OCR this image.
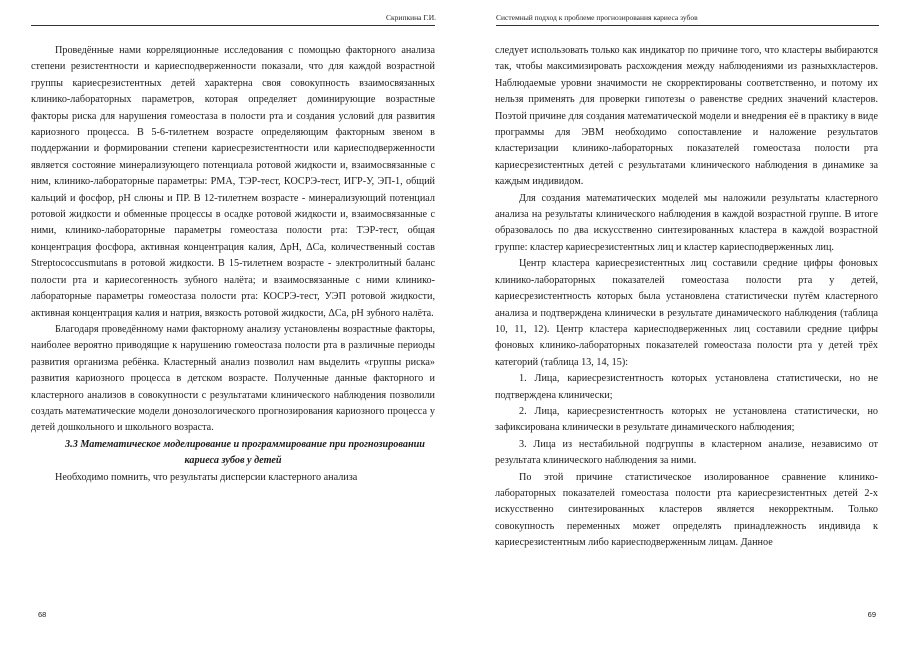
Скрипкина Г.И.

Проведённые нами корреляционные исследования с помощью факторного анализа степени резистентности и кариесподверженности показали, что для каждой возрастной группы кариесрезистентных детей характерна своя совокупность взаимосвязанных клинико-лабораторных параметров, которая определяет доминирующие возрастные факторы риска для нарушения гомеостаза в полости рта и создания условий для развития кариозного процесса. В 5-6-тилетнем возрасте определяющим факторным звеном в поддержании и формировании степени кариесрезистентности или кариесподверженности является состояние минерализующего потенциала ротовой жидкости и, взаимосвязанные с ним, клинико-лабораторные параметры: РМА, ТЭР-тест, КОСРЭ-тест, ИГР-У, ЭП-1, общий кальций и фосфор, рН слюны и ПР. В 12-тилетнем возрасте - минерализующий потенциал ротовой жидкости и обменные процессы в осадке ротовой жидкости и, взаимосвязанные с ними, клинико-лабораторные параметры гомеостаза полости рта: ТЭР-тест, общая концентрация фосфора, активная концентрация калия, ΔpH, ΔCa, количественный состав Streptococcusmutans в ротовой жидкости. В 15-тилетнем возрасте - электролитный баланс полости рта и кариесогенность зубного налёта; и взаимосвязанные с ними клинико-лабораторные параметры гомеостаза полости рта: КОСРЭ-тест, УЭП ротовой жидкости, активная концентрация калия и натрия, вязкость ротовой жидкости, ΔCa, pH зубного налёта.

Благодаря проведённому нами факторному анализу установлены возрастные факторы, наиболее вероятно приводящие к нарушению гомеостаза полости рта в различные периоды развития организма ребёнка. Кластерный анализ позволил нам выделить «группы риска» развития кариозного процесса в детском возрасте. Полученные данные факторного и кластерного анализов в совокупности с результатами клинического наблюдения позволили создать математические модели донозологического прогнозирования кариозного процесса у детей дошкольного и школьного возраста.

3.3 Математическое моделирование и программирование при прогнозировании кариеса зубов у детей

Необходимо помнить, что результаты дисперсии кластерного анализа

68
Системный подход к проблеме прогнозирования кариеса зубов

следует использовать только как индикатор по причине того, что кластеры выбираются так, чтобы максимизировать расхождения между наблюдениями из разныхкластеров. Наблюдаемые уровни значимости не скорректированы соответственно, и потому их нельзя применять для проверки гипотезы о равенстве средних значений кластеров. Поэтой причине для создания математической модели и внедрения её в практику в виде программы для ЭВМ необходимо сопоставление и наложение результатов кластеризации клинико-лабораторных показателей гомеостаза полости рта кариесрезистентных детей с результатами клинического наблюдения в динамике за каждым индивидом.

Для создания математических моделей мы наложили результаты кластерного анализа на результаты клинического наблюдения в каждой возрастной группе. В итоге образовалось по два искусственно синтезированных кластера в каждой возрастной группе: кластер кариесрезистентных лиц и кластер кариесподверженных лиц.

Центр кластера кариесрезистентных лиц составили средние цифры фоновых клинико-лабораторных показателей гомеостаза полости рта у детей, кариесрезистентность которых была установлена статистически путём кластерного анализа и подтверждена клинически в результате динамического наблюдения (таблица 10, 11, 12). Центр кластера кариесподверженных лиц составили средние цифры фоновых клинико-лабораторных показателей гомеостаза полости рта у детей трёх категорий (таблица 13, 14, 15):

1. Лица, кариесрезистентность которых установлена статистически, но не подтверждена клинически;

2. Лица, кариесрезистентность которых не установлена статистически, но зафиксирована клинически в результате динамического наблюдения;

3. Лица из нестабильной подгруппы в кластерном анализе, независимо от результата клинического наблюдения за ними.

По этой причине статистическое изолированное сравнение клинико-лабораторных показателей гомеостаза полости рта кариесрезистентных детей 2-х искусственно синтезированных кластеров является некорректным. Только совокупность переменных может определять принадлежность индивида к кариесрезистентным либо кариесподверженным лицам. Данное

69
